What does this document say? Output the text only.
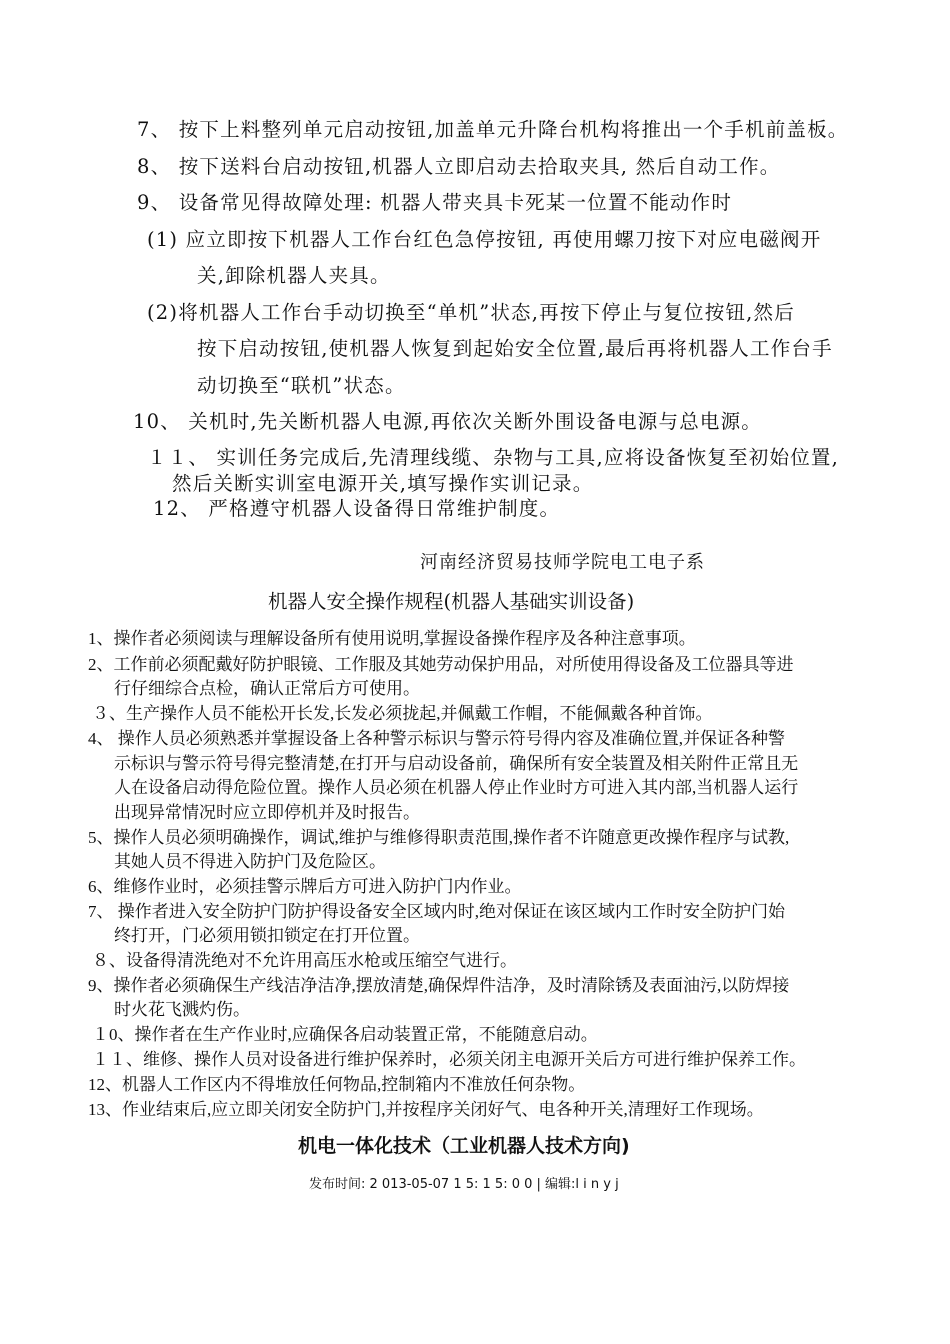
7、 按下上料整列单元启动按钮,加盖单元升降台机构将推出一个手机前盖板。
8、 按下送料台启动按钮,机器人立即启动去拾取夹具, 然后自动工作。
9、 设备常见得故障处理: 机器人带夹具卡死某一位置不能动作时
(1) 应立即按下机器人工作台红色急停按钮, 再使用螺刀按下对应电磁阀开
关,卸除机器人夹具。
(2)将机器人工作台手动切换至“单机”状态,再按下停止与复位按钮,然后
按下启动按钮,使机器人恢复到起始安全位置,最后再将机器人工作台手
动切换至“联机”状态。
10、 关机时,先关断机器人电源,再依次关断外围设备电源与总电源。
１１、 实训任务完成后,先清理线缆、杂物与工具,应将设备恢复至初始位置,
然后关断实训室电源开关,填写操作实训记录。
12、 严格遵守机器人设备得日常维护制度。
河南经济贸易技师学院电工电子系
机器人安全操作规程(机器人基础实训设备)
1、操作者必须阅读与理解设备所有使用说明,掌握设备操作程序及各种注意事项。
2、工作前必须配戴好防护眼镜、工作服及其她劳动保护用品，对所使用得设备及工位器具等进
行仔细综合点检，确认正常后方可使用。
３、生产操作人员不能松开长发,长发必须拢起,并佩戴工作帽，不能佩戴各种首饰。
4、 操作人员必须熟悉并掌握设备上各种警示标识与警示符号得内容及准确位置,并保证各种警
示标识与警示符号得完整清楚,在打开与启动设备前，确保所有安全装置及相关附件正常且无
人在设备启动得危险位置。操作人员必须在机器人停止作业时方可进入其内部,当机器人运行
出现异常情况时应立即停机并及时报告。
5、操作人员必须明确操作，调试,维护与维修得职责范围,操作者不许随意更改操作程序与试教,
其她人员不得进入防护门及危险区。
6、维修作业时，必须挂警示牌后方可进入防护门内作业。
7、 操作者进入安全防护门防护得设备安全区域内时,绝对保证在该区域内工作时安全防护门始
终打开，门必须用锁扣锁定在打开位置。
８、设备得清洗绝对不允许用高压水枪或压缩空气进行。
9、操作者必须确保生产线洁净洁净,摆放清楚,确保焊件洁净，及时清除锈及表面油污,以防焊接
时火花飞溅灼伤。
１0、操作者在生产作业时,应确保各启动装置正常，不能随意启动。
１１、维修、操作人员对设备进行维护保养时，必须关闭主电源开关后方可进行维护保养工作。
12、机器人工作区内不得堆放任何物品,控制箱内不准放任何杂物。
13、作业结束后,应立即关闭安全防护门,并按程序关闭好气、电各种开关,清理好工作现场。
机电一体化技术（工业机器人技术方向)
发布时间: 2 013-05-07 1 5: 1 5: 0 0 | 编辑:l i n y j
